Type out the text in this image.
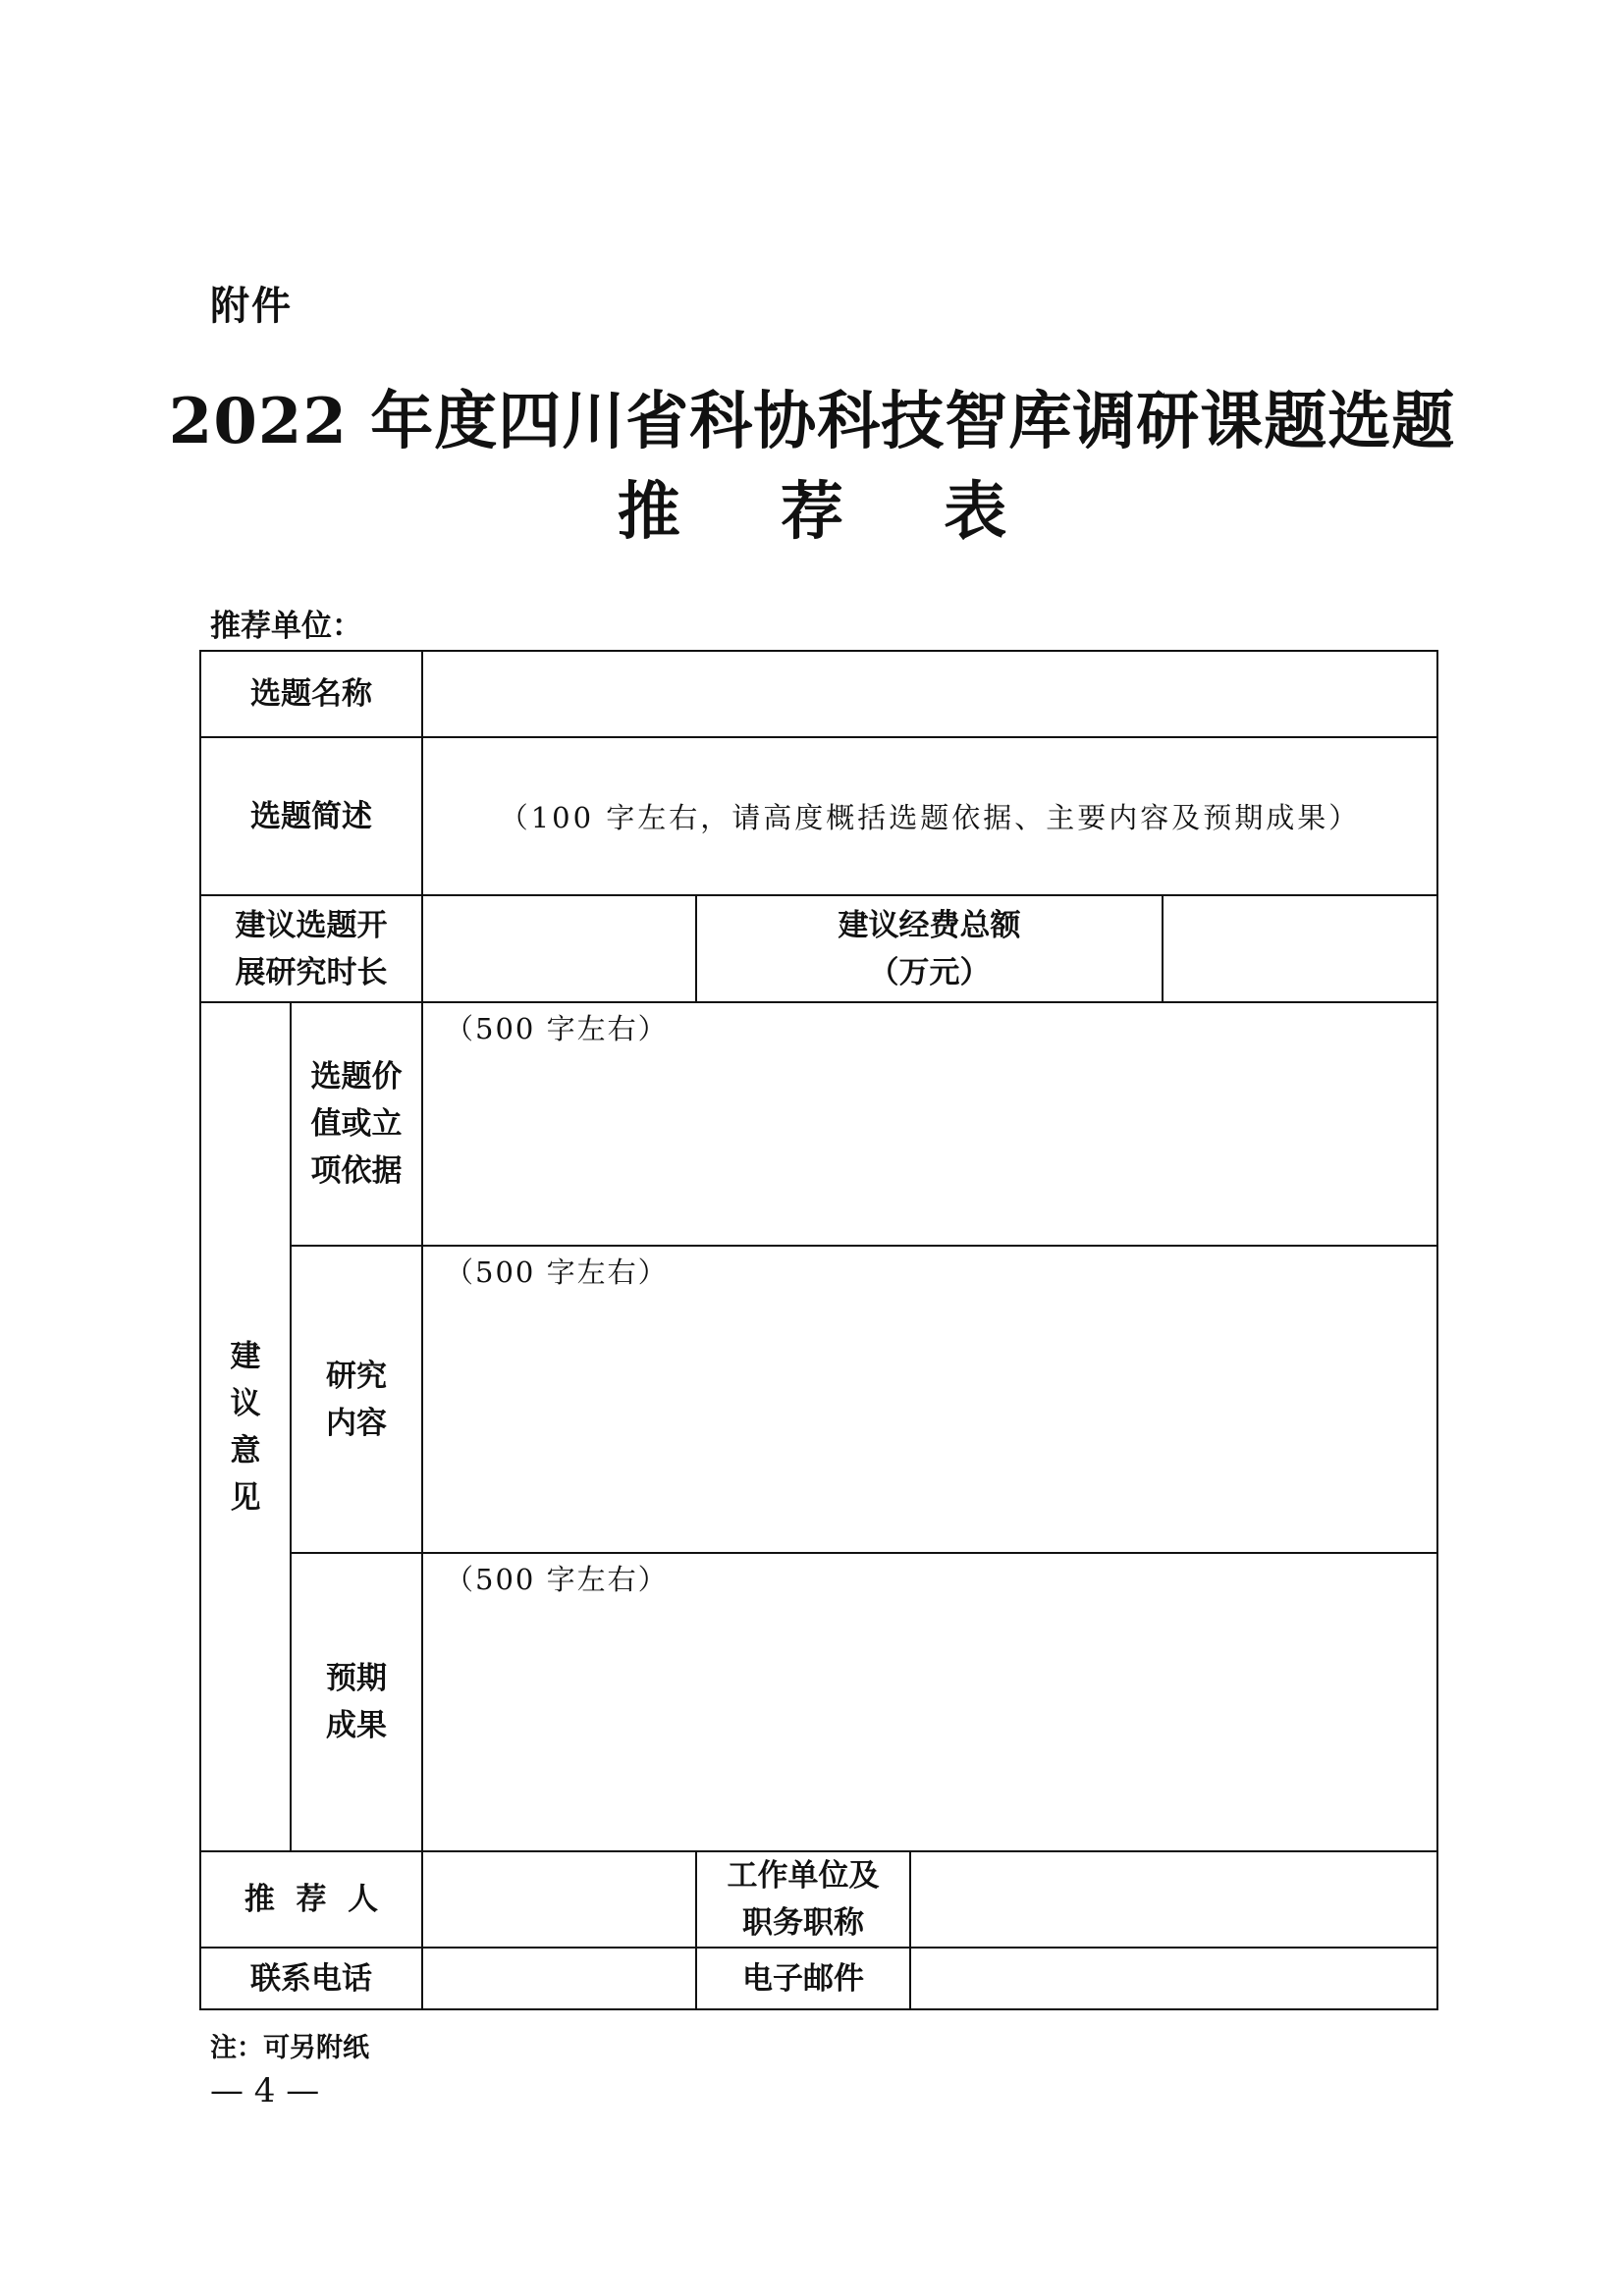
附件
2022 年度四川省科协科技智库调研课题选题
推 荐 表
推荐单位：
选题名称
选题简述	（100 字左右，请高度概括选题依据、主要内容及预期成果）
建议选题开
展研究时长
建议经费总额
（万元）
建
议
意
见
选题价
值或立
项依据
（500 字左右）
研究
内容
（500 字左右）
预期
成果
（500 字左右）
推  荐  人
工作单位及
职务职称
联系电话	电子邮件
注：可另附纸
— 4 —
